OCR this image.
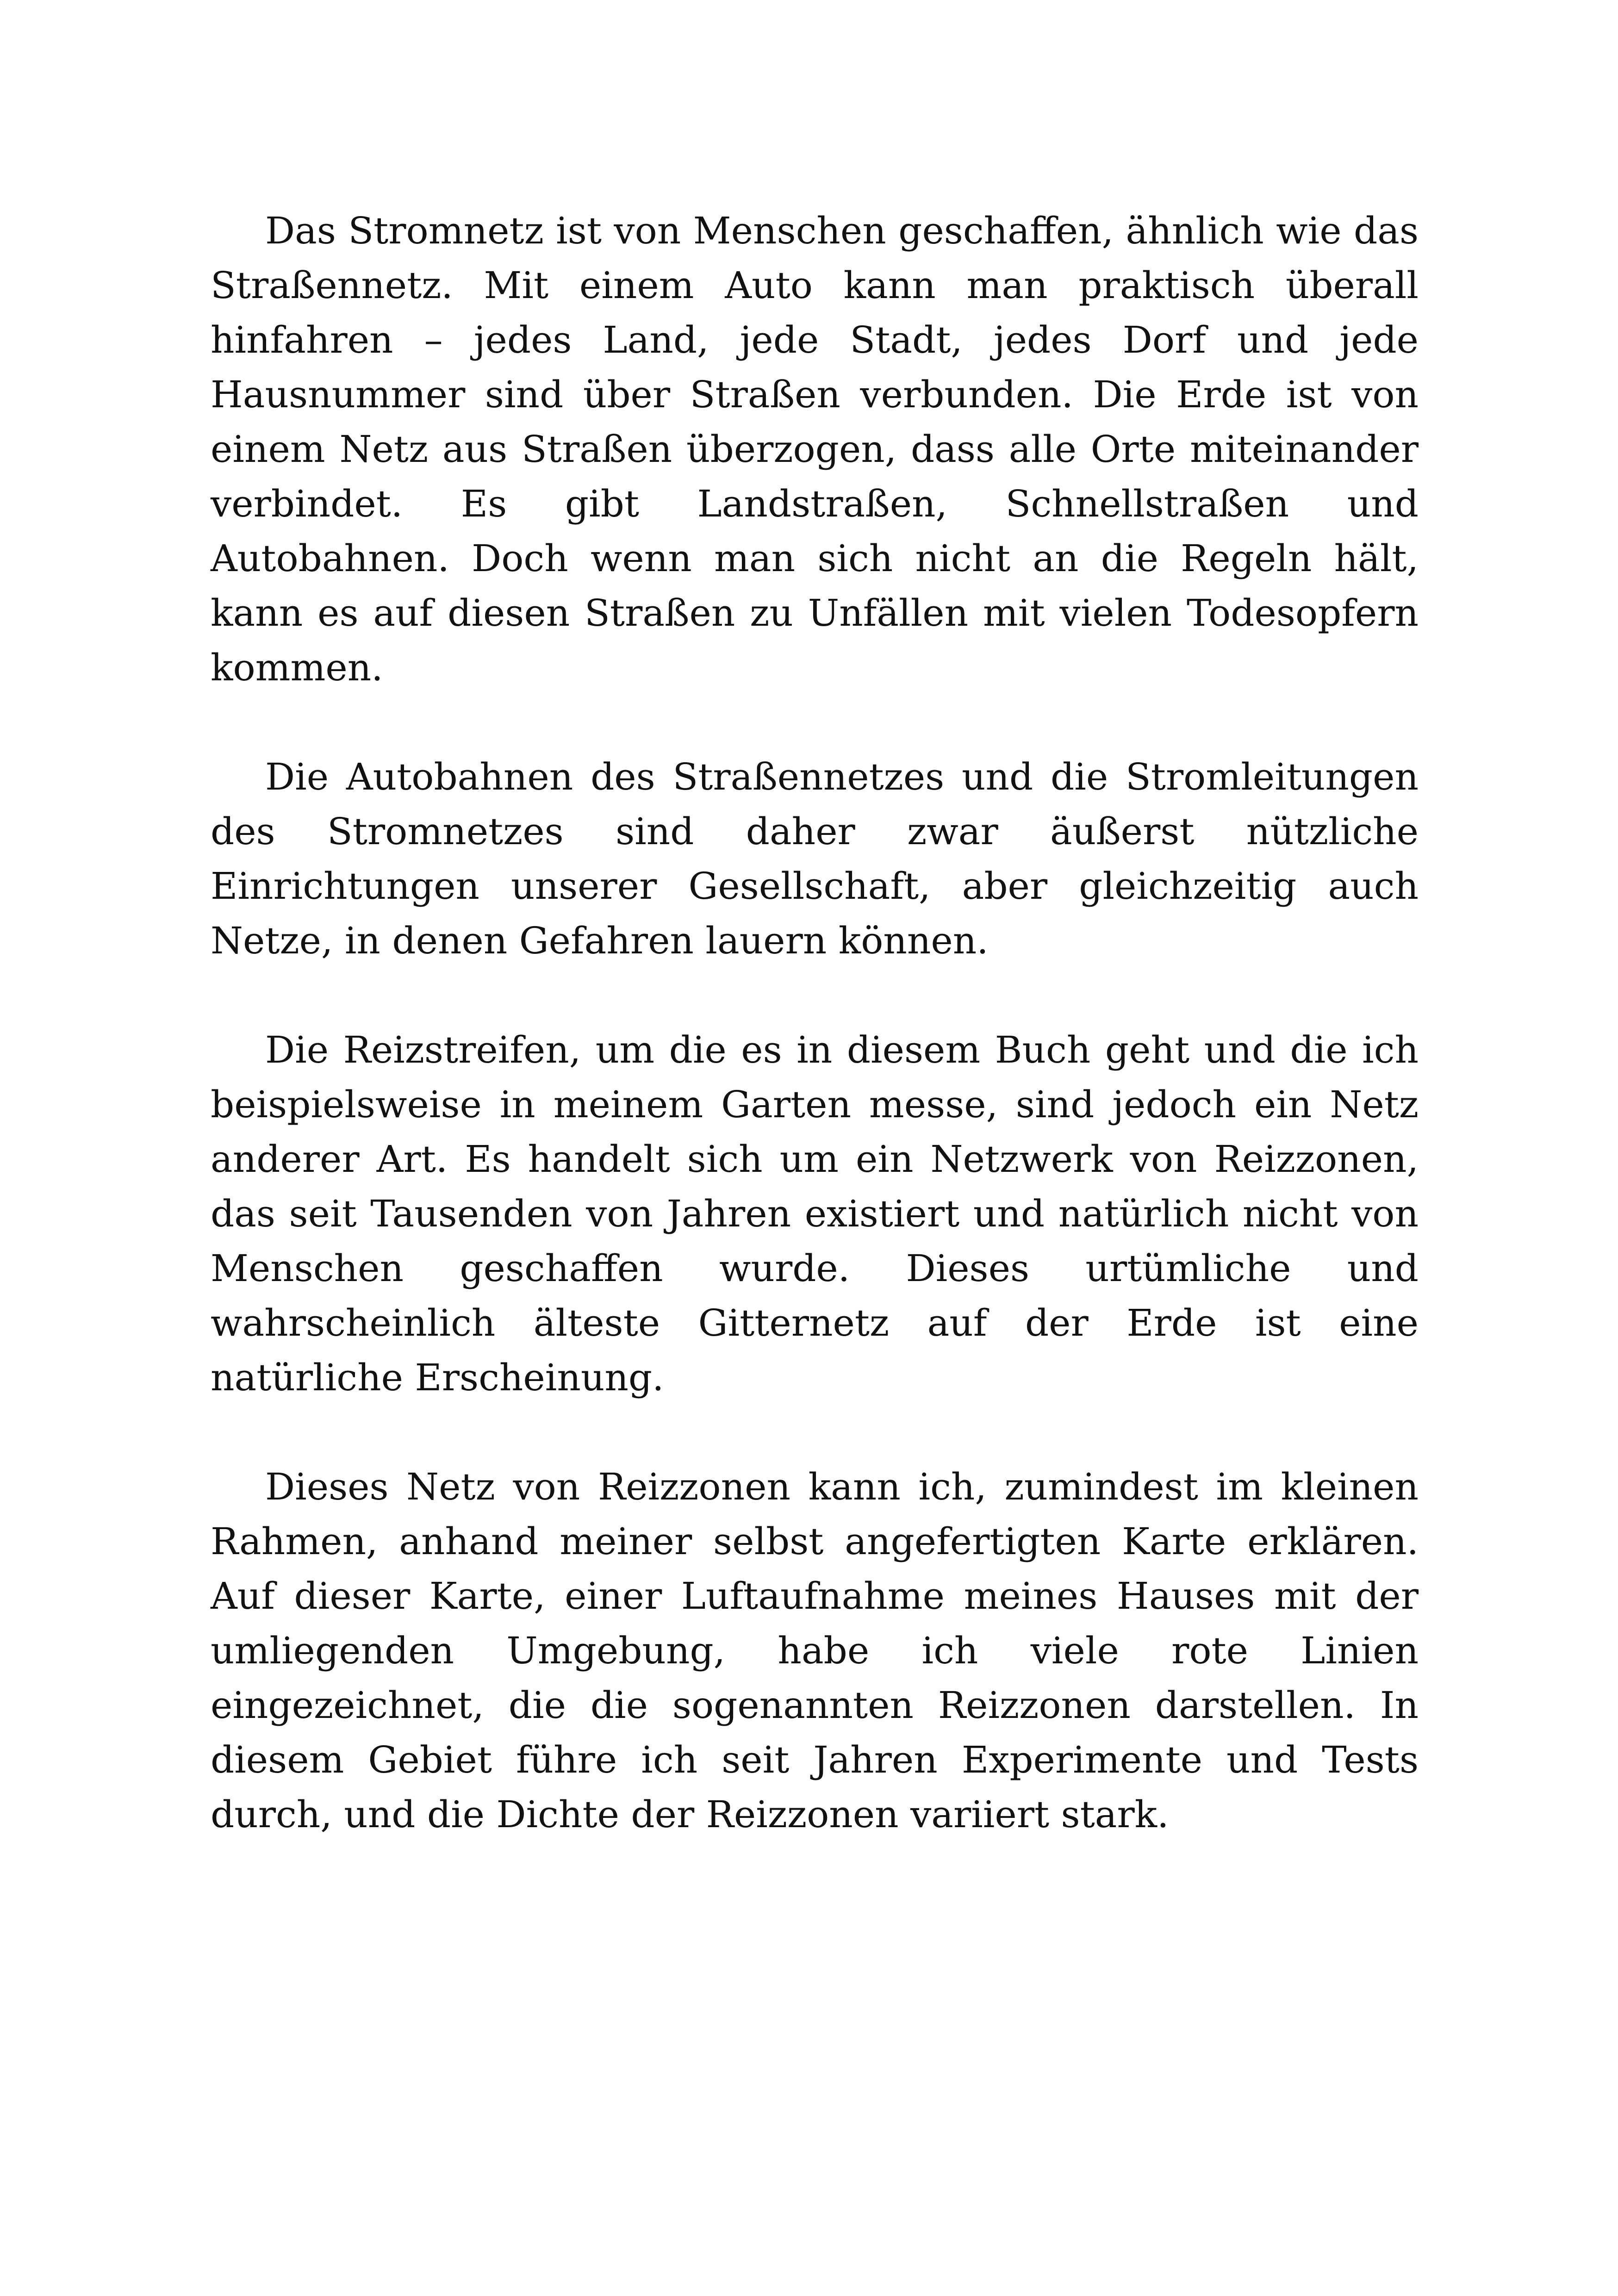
Das Stromnetz ist von Menschen geschaffen, ähnlich wie das Straßennetz. Mit einem Auto kann man praktisch überall hinfahren – jedes Land, jede Stadt, jedes Dorf und jede Hausnummer sind über Straßen verbunden. Die Erde ist von einem Netz aus Straßen überzogen, dass alle Orte miteinander verbindet. Es gibt Landstraßen, Schnellstraßen und Autobahnen. Doch wenn man sich nicht an die Regeln hält, kann es auf diesen Straßen zu Unfällen mit vielen Todesopfern kommen.

Die Autobahnen des Straßennetzes und die Stromleitungen des Stromnetzes sind daher zwar äußerst nützliche Einrichtungen unserer Gesellschaft, aber gleichzeitig auch Netze, in denen Gefahren lauern können.

Die Reizstreifen, um die es in diesem Buch geht und die ich beispielsweise in meinem Garten messe, sind jedoch ein Netz anderer Art. Es handelt sich um ein Netzwerk von Reizzonen, das seit Tausenden von Jahren existiert und natürlich nicht von Menschen geschaffen wurde. Dieses urtümliche und wahrscheinlich älteste Gitternetz auf der Erde ist eine natürliche Erscheinung.

Dieses Netz von Reizzonen kann ich, zumindest im kleinen Rahmen, anhand meiner selbst angefertigten Karte erklären. Auf dieser Karte, einer Luftaufnahme meines Hauses mit der umliegenden Umgebung, habe ich viele rote Linien eingezeichnet, die die sogenannten Reizzonen darstellen. In diesem Gebiet führe ich seit Jahren Experimente und Tests durch, und die Dichte der Reizzonen variiert stark.
